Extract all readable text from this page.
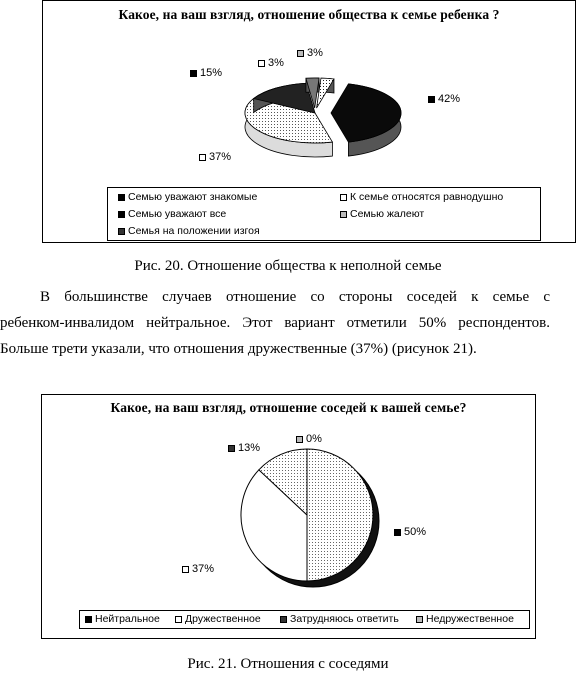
Какое, на ваш взгляд, отношение общества к семье ребенка ?
42%
37%
15%
3%
3%
Семью уважают знакомые	К семье относятся равнодушно
Семью уважают все	Семью жалеют
Семья на положении изгоя
Рис. 20. Отношение общества к неполной семье
В большинстве случаев отношение со стороны соседей к семье с
ребенком-инвалидом нейтральное. Этот вариант отметили 50% респондентов.
Больше трети указали, что отношения дружественные (37%) (рисунок 21).
Какое, на ваш взгляд, отношение соседей к вашей семье?
50%
37%
13%
0%
Нейтральное Дружественное	Затрудняюсь ответить	Недружественное
Рис. 21. Отношения с соседями
